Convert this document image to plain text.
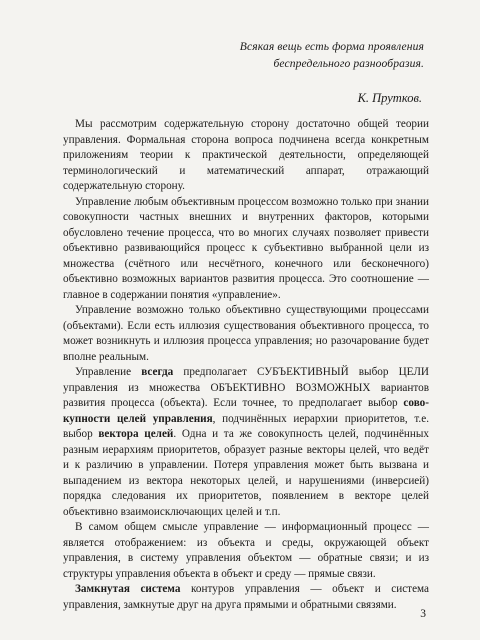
Всякая вещь есть форма проявления
беспредельного разнообразия.
К. Прутков.

Мы рассмотрим содержательную сторону достаточно общей теории управления. Формальная сторона вопроса подчинена всегда конкретным приложениям теории к практической деятельности, определяющей терминологический и математический аппарат, отражающий содержательную сторону.

Управление любым объективным процессом возможно только при знании совокупности частных внешних и внутренних факторов, которыми обусловлено течение процесса, что во многих случаях позволяет привести объективно развивающийся процесс к субъективно выбранной цели из множества (счётного или несчётного, конечного или бесконечного) объективно возможных вариантов развития процесса. Это соотношение — главное в содержании понятия «управление».

Управление возможно только объективно существующими процессами (объектами). Если есть иллюзия существования объективного процесса, то может возникнуть и иллюзия процесса управления; но разочарование будет вполне реальным.

Управление всегда предполагает СУБЪЕКТИВНЫЙ выбор ЦЕЛИ управления из множества ОБЪЕКТИВНО ВОЗМОЖНЫХ вариантов развития процесса (объекта). Если точнее, то предполагает выбор совокупности целей управления, подчинённых иерархии приоритетов, т.е. выбор вектора целей. Одна и та же совокупность целей, подчинённых разным иерархиям приоритетов, образует разные векторы целей, что ведёт и к различию в управлении. Потеря управления может быть вызвана и выпадением из вектора некоторых целей, и нарушениями (инверсией) порядка следования их приоритетов, появлением в векторе целей объективно взаимоисключающих целей и т.п.

В самом общем смысле управление — информационный процесс — является отображением: из объекта и среды, окружающей объект управления, в систему управления объектом — обратные связи; и из структуры управления объекта в объект и среду — прямые связи.

Замкнутая система контуров управления — объект и система управления, замкнутые друг на друга прямыми и обратными связями.

3
